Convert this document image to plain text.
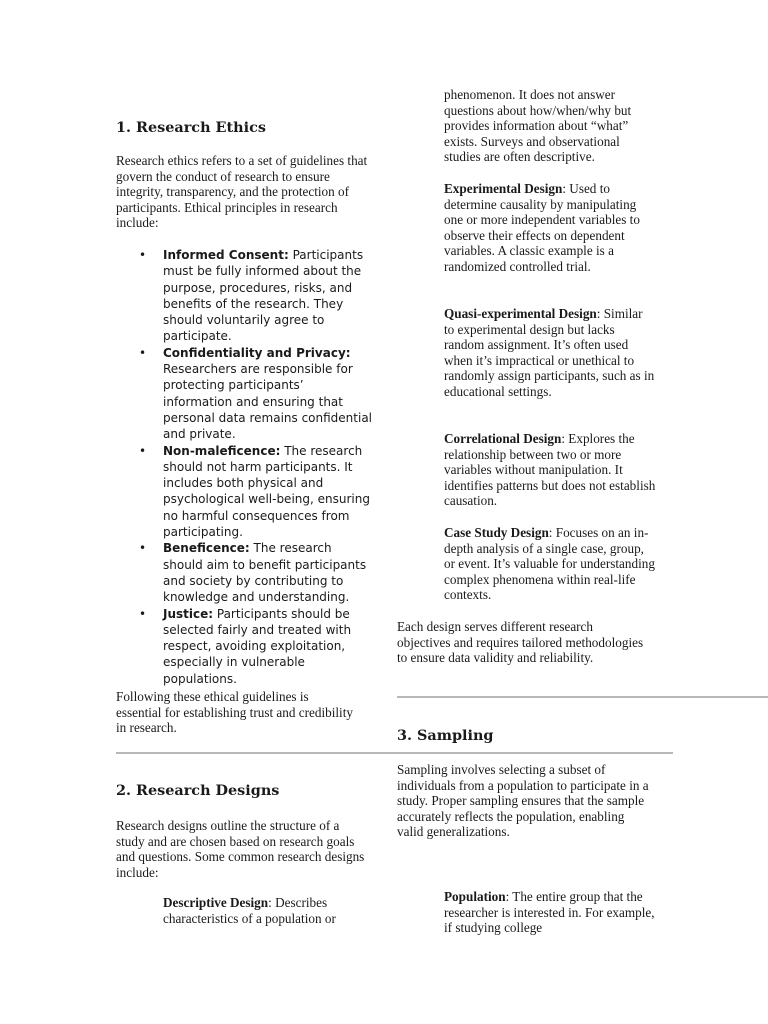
1. Research Ethics

Research ethics refers to a set of guidelines that govern the conduct of research to ensure integrity, transparency, and the protection of participants. Ethical principles in research include:

• Informed Consent: Participants must be fully informed about the purpose, procedures, risks, and benefits of the research. They should voluntarily agree to participate.
• Confidentiality and Privacy: Researchers are responsible for protecting participants’ information and ensuring that personal data remains confidential and private.
• Non-maleficence: The research should not harm participants. It includes both physical and psychological well-being, ensuring no harmful consequences from participating.
• Beneficence: The research should aim to benefit participants and society by contributing to knowledge and understanding.
• Justice: Participants should be selected fairly and treated with respect, avoiding exploitation, especially in vulnerable populations.

Following these ethical guidelines is essential for establishing trust and credibility in research.

2. Research Designs

Research designs outline the structure of a study and are chosen based on research goals and questions. Some common research designs include:

Descriptive Design: Describes characteristics of a population or

phenomenon. It does not answer questions about how/when/why but provides information about “what” exists. Surveys and observational studies are often descriptive.

Experimental Design: Used to determine causality by manipulating one or more independent variables to observe their effects on dependent variables. A classic example is a randomized controlled trial.

Quasi-experimental Design: Similar to experimental design but lacks random assignment. It’s often used when it’s impractical or unethical to randomly assign participants, such as in educational settings.

Correlational Design: Explores the relationship between two or more variables without manipulation. It identifies patterns but does not establish causation.

Case Study Design: Focuses on an in-depth analysis of a single case, group, or event. It’s valuable for understanding complex phenomena within real-life contexts.

Each design serves different research objectives and requires tailored methodologies to ensure data validity and reliability.

3. Sampling

Sampling involves selecting a subset of individuals from a population to participate in a study. Proper sampling ensures that the sample accurately reflects the population, enabling valid generalizations.

Population: The entire group that the researcher is interested in. For example, if studying college
